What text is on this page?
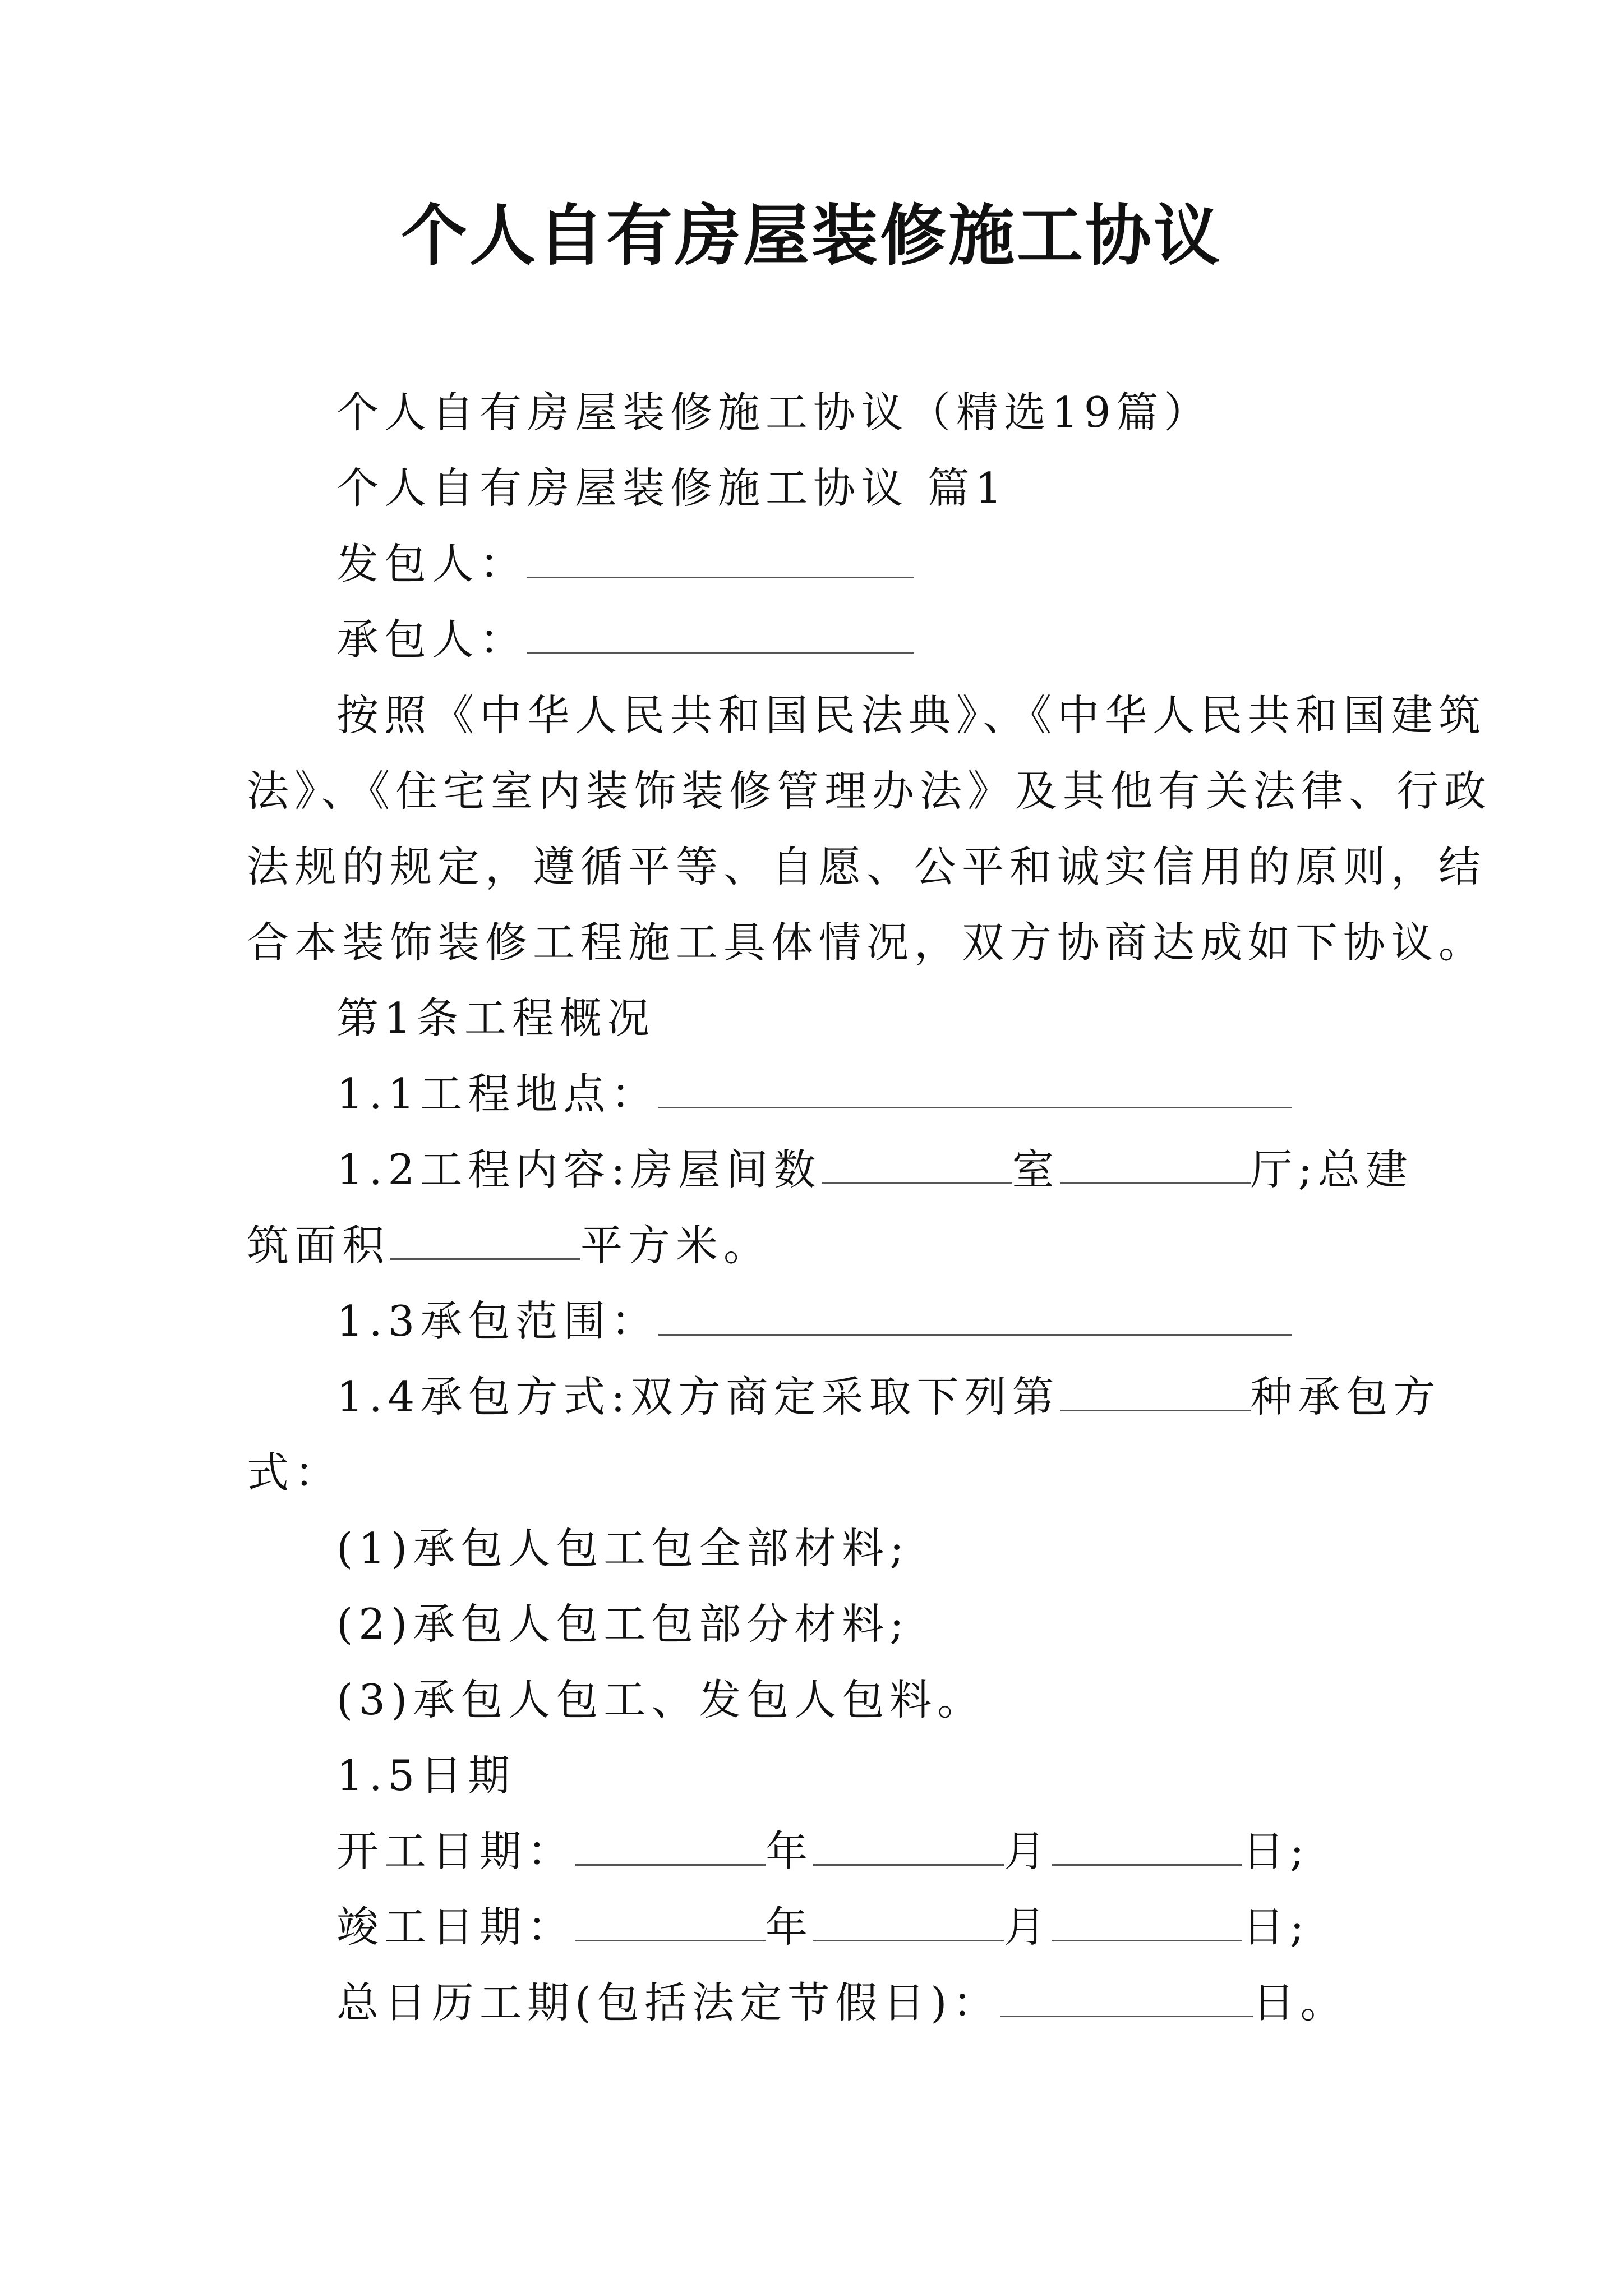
个人自有房屋装修施工协议
个人自有房屋装修施工协议（精选19篇）
个人自有房屋装修施工协议 篇1
发包人：
承包人：
按照《中华人民共和国民法典》、《中华人民共和国建筑
法》、《住宅室内装饰装修管理办法》及其他有关法律、行政
法规的规定，遵循平等、自愿、公平和诚实信用的原则，结
合本装饰装修工程施工具体情况，双方协商达成如下协议。
第1条工程概况
1.1工程地点：
1.2工程内容:房屋间数	室	厅;总建
筑面积	平方米。
1.3承包范围：
1.4承包方式:双方商定采取下列第	种承包方
式：
(1)承包人包工包全部材料;
(2)承包人包工包部分材料;
(3)承包人包工、发包人包料。
1.5日期
开工日期：	年	月	日;
竣工日期：	年	月	日;
总日历工期(包括法定节假日)：	日。
